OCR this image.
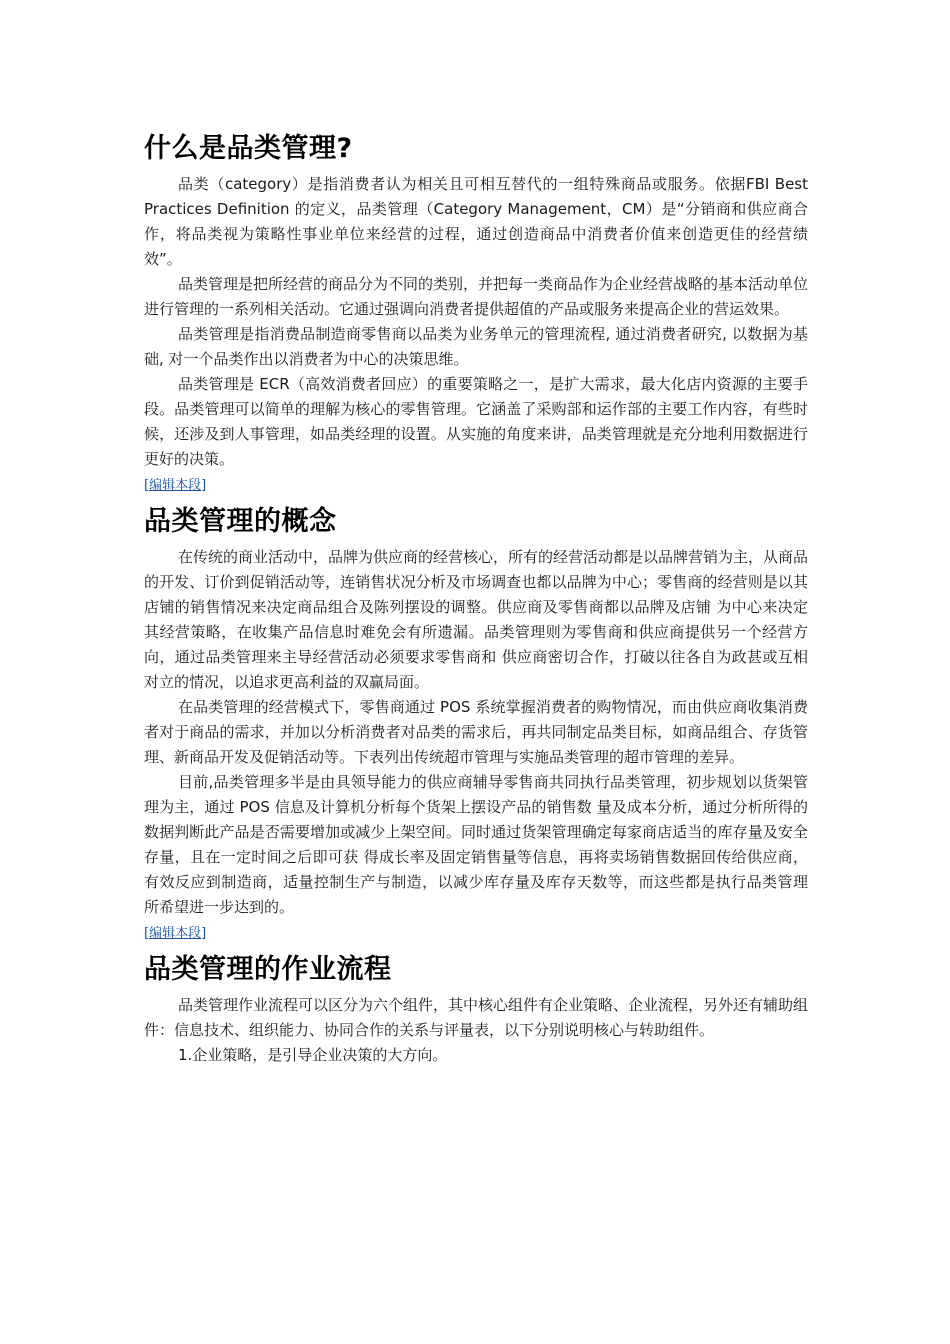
什么是品类管理?

品类（category）是指消费者认为相关且可相互替代的一组特殊商品或服务。依据FBI Best Practices Definition 的定义，品类管理（Category Management，CM）是“分销商和供应商合作，将品类视为策略性事业单位来经营的过程，通过创造商品中消费者价值来创造更佳的经营绩效”。

品类管理是把所经营的商品分为不同的类别，并把每一类商品作为企业经营战略的基本活动单位进行管理的一系列相关活动。它通过强调向消费者提供超值的产品或服务来提高企业的营运效果。

品类管理是指消费品制造商零售商以品类为业务单元的管理流程, 通过消费者研究, 以数据为基础, 对一个品类作出以消费者为中心的决策思维。

品类管理是 ECR（高效消费者回应）的重要策略之一，是扩大需求，最大化店内资源的主要手段。品类管理可以简单的理解为核心的零售管理。它涵盖了采购部和运作部的主要工作内容，有些时候，还涉及到人事管理，如品类经理的设置。从实施的角度来讲，品类管理就是充分地利用数据进行更好的决策。

[编辑本段]
品类管理的概念

在传统的商业活动中，品牌为供应商的经营核心，所有的经营活动都是以品牌营销为主，从商品的开发、订价到促销活动等，连销售状况分析及市场调查也都以品牌为中心；零售商的经营则是以其店铺的销售情况来决定商品组合及陈列摆设的调整。供应商及零售商都以品牌及店铺 为中心来决定其经营策略，在收集产品信息时难免会有所遗漏。品类管理则为零售商和供应商提供另一个经营方向，通过品类管理来主导经营活动必须要求零售商和 供应商密切合作，打破以往各自为政甚或互相对立的情况，以追求更高利益的双赢局面。

在品类管理的经营模式下，零售商通过 POS 系统掌握消费者的购物情况，而由供应商收集消费者对于商品的需求，并加以分析消费者对品类的需求后，再共同制定品类目标，如商品组合、存货管理、新商品开发及促销活动等。下表列出传统超市管理与实施品类管理的超市管理的差异。

目前,品类管理多半是由具领导能力的供应商辅导零售商共同执行品类管理，初步规划以货架管理为主，通过 POS 信息及计算机分析每个货架上摆设产品的销售数 量及成本分析，通过分析所得的数据判断此产品是否需要增加或减少上架空间。同时通过货架管理确定每家商店适当的库存量及安全存量，且在一定时间之后即可获 得成长率及固定销售量等信息，再将卖场销售数据回传给供应商，有效反应到制造商，适量控制生产与制造，以减少库存量及库存天数等，而这些都是执行品类管理 所希望进一步达到的。

[编辑本段]
品类管理的作业流程

品类管理作业流程可以区分为六个组件，其中核心组件有企业策略、企业流程，另外还有辅助组件：信息技术、组织能力、协同合作的关系与评量表，以下分别说明核心与转助组件。

1.企业策略，是引导企业决策的大方向。
